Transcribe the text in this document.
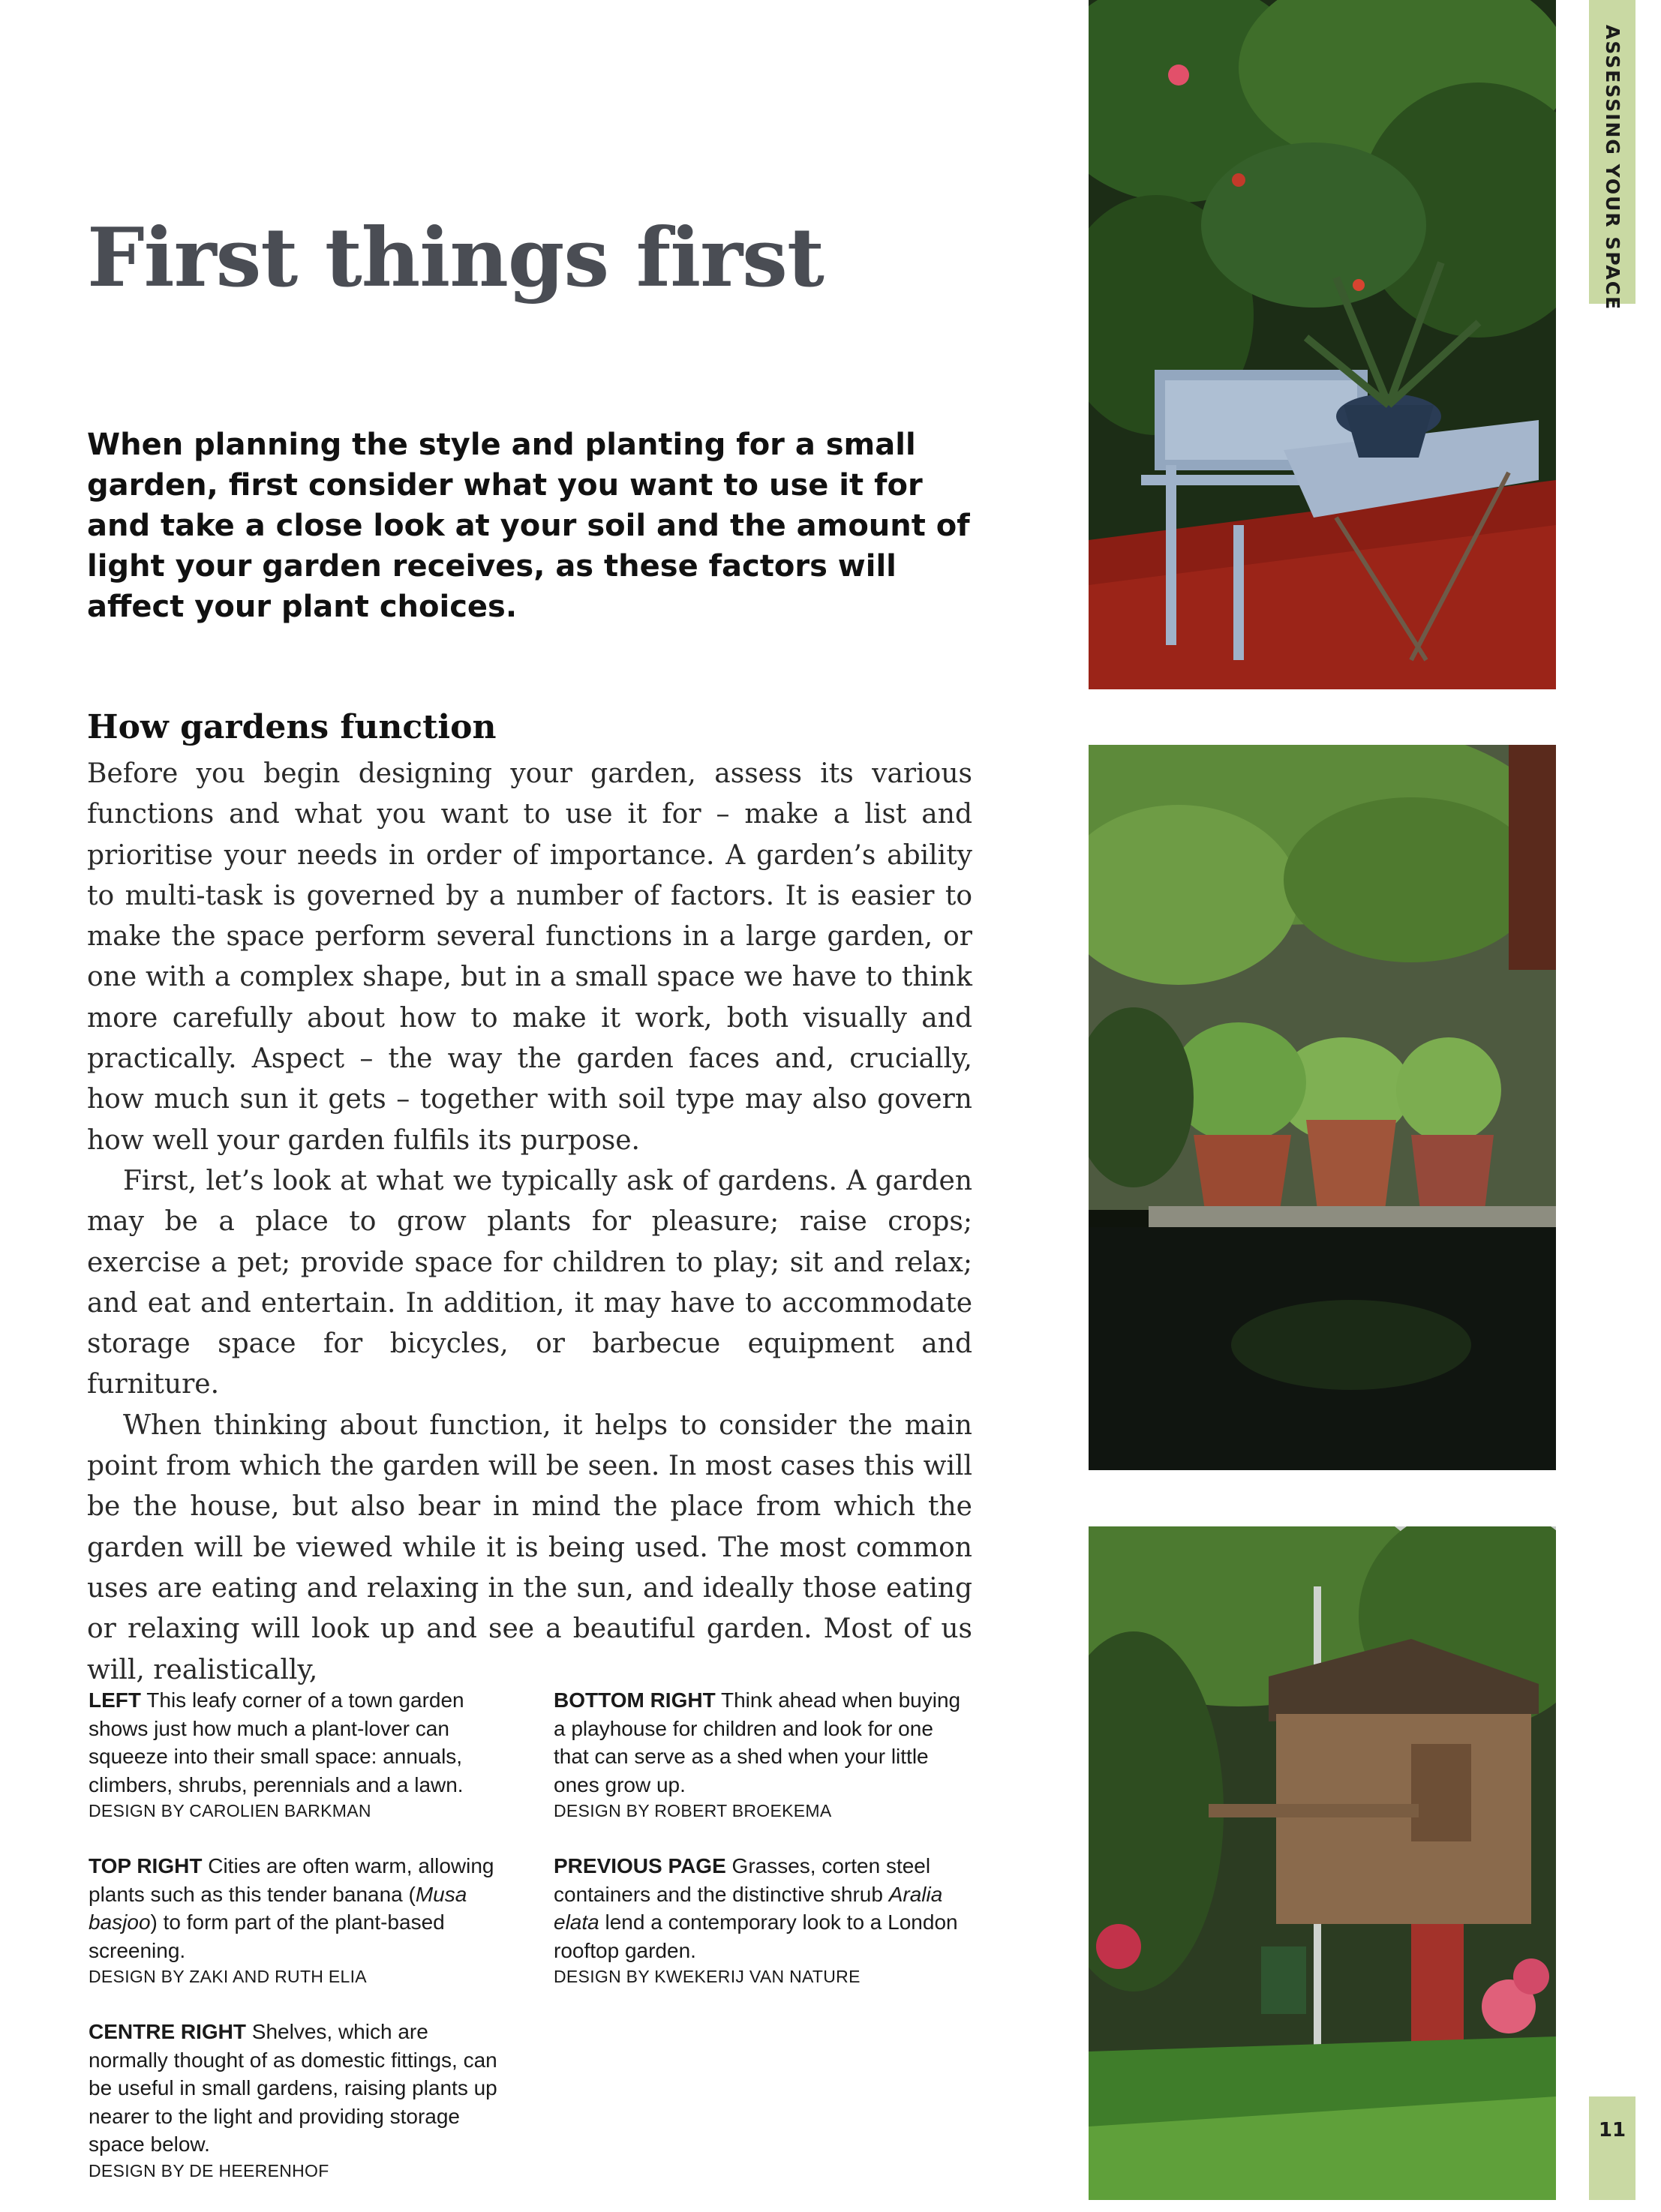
First things first

When planning the style and planting for a small garden, first consider what you want to use it for and take a close look at your soil and the amount of light your garden receives, as these factors will affect your plant choices.

How gardens function

Before you begin designing your garden, assess its various functions and what you want to use it for – make a list and prioritise your needs in order of importance. A garden’s ability to multi-task is governed by a number of factors. It is easier to make the space perform several functions in a large garden, or one with a complex shape, but in a small space we have to think more carefully about how to make it work, both visually and practically. Aspect – the way the garden faces and, crucially, how much sun it gets – together with soil type may also govern how well your garden fulfils its purpose.

First, let’s look at what we typically ask of gardens. A garden may be a place to grow plants for pleasure; raise crops; exercise a pet; provide space for children to play; sit and relax; and eat and entertain. In addition, it may have to accommodate storage space for bicycles, or barbecue equipment and furniture.

When thinking about function, it helps to consider the main point from which the garden will be seen. In most cases this will be the house, but also bear in mind the place from which the garden will be viewed while it is being used. The most common uses are eating and relaxing in the sun, and ideally those eating or relaxing will look up and see a beautiful garden. Most of us will, realistically,

LEFT This leafy corner of a town garden shows just how much a plant-lover can squeeze into their small space: annuals, climbers, shrubs, perennials and a lawn.
DESIGN BY CAROLIEN BARKMAN

TOP RIGHT Cities are often warm, allowing plants such as this tender banana (Musa basjoo) to form part of the plant-based screening.
DESIGN BY ZAKI AND RUTH ELIA

CENTRE RIGHT Shelves, which are normally thought of as domestic fittings, can be useful in small gardens, raising plants up nearer to the light and providing storage space below.
DESIGN BY DE HEERENHOF

BOTTOM RIGHT Think ahead when buying a playhouse for children and look for one that can serve as a shed when your little ones grow up.
DESIGN BY ROBERT BROEKEMA

PREVIOUS PAGE Grasses, corten steel containers and the distinctive shrub Aralia elata lend a contemporary look to a London rooftop garden.
DESIGN BY KWEKERIJ VAN NATURE

ASSESSING YOUR SPACE
11
